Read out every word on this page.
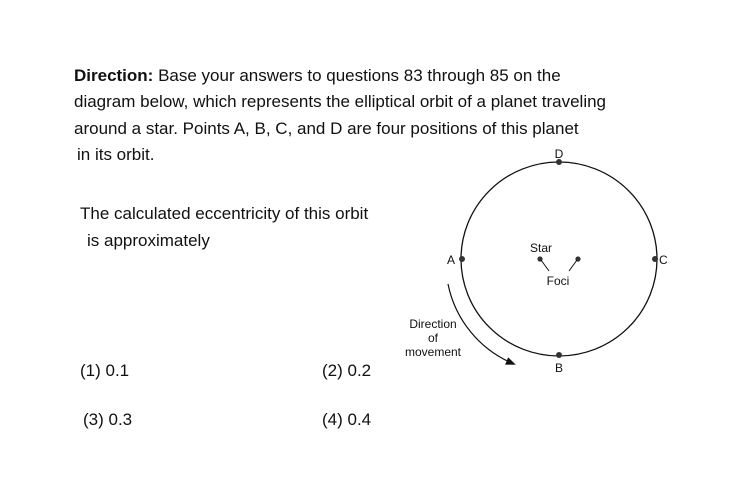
Direction: Base your answers to questions 83 through 85 on the
diagram below, which represents the elliptical orbit of a planet traveling
around a star. Points A, B, C, and D are four positions of this planet
in its orbit.
The calculated eccentricity of this orbit
is approximately
(1) 0.1	(2) 0.2
(3) 0.3	(4) 0.4
D
B
A	C
Star
Foci
Direction
of
movement
